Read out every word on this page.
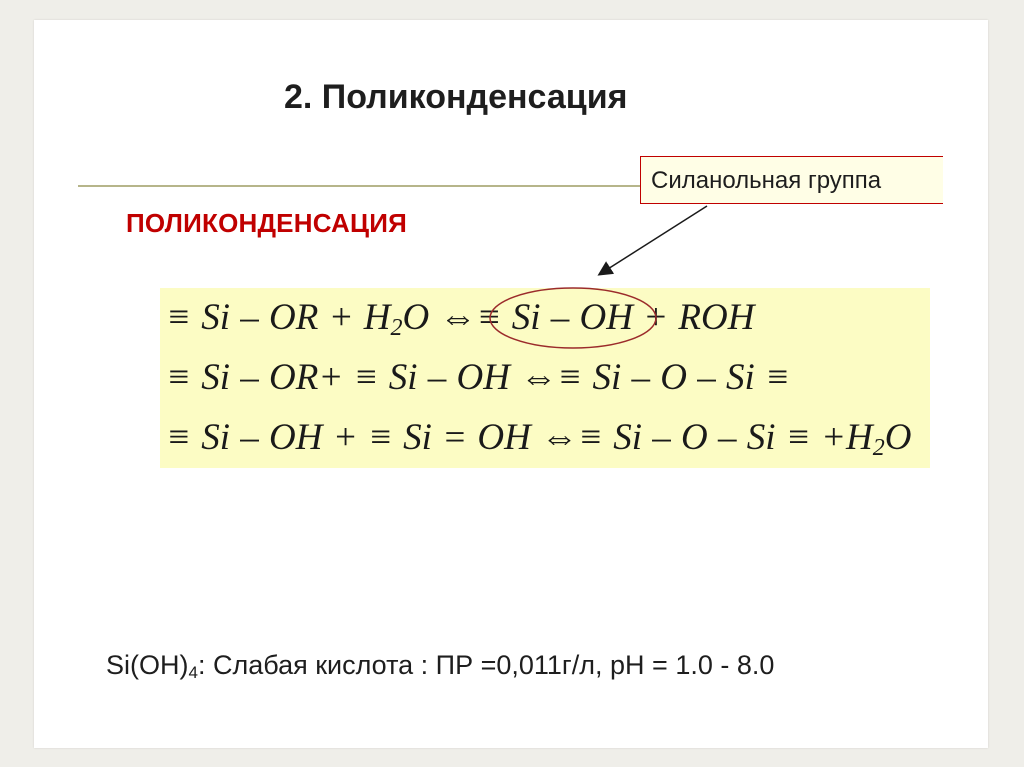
2. Поликонденсация
Силанольная группа
ПОЛИКОНДЕНСАЦИЯ
≡ Si – OR + $H_2O$ ⇔≡ Si – OH + ROH
≡ Si – OR+ ≡ Si – OH ⇔≡ Si – O – Si ≡
≡ Si – OH + ≡ Si = OH ⇔≡ $Si - O - Si \equiv +H_2O$
$Si(OH)_4$: Слабая кислота : ПР =0,011г/л, pH = 1.0 - 8.0
